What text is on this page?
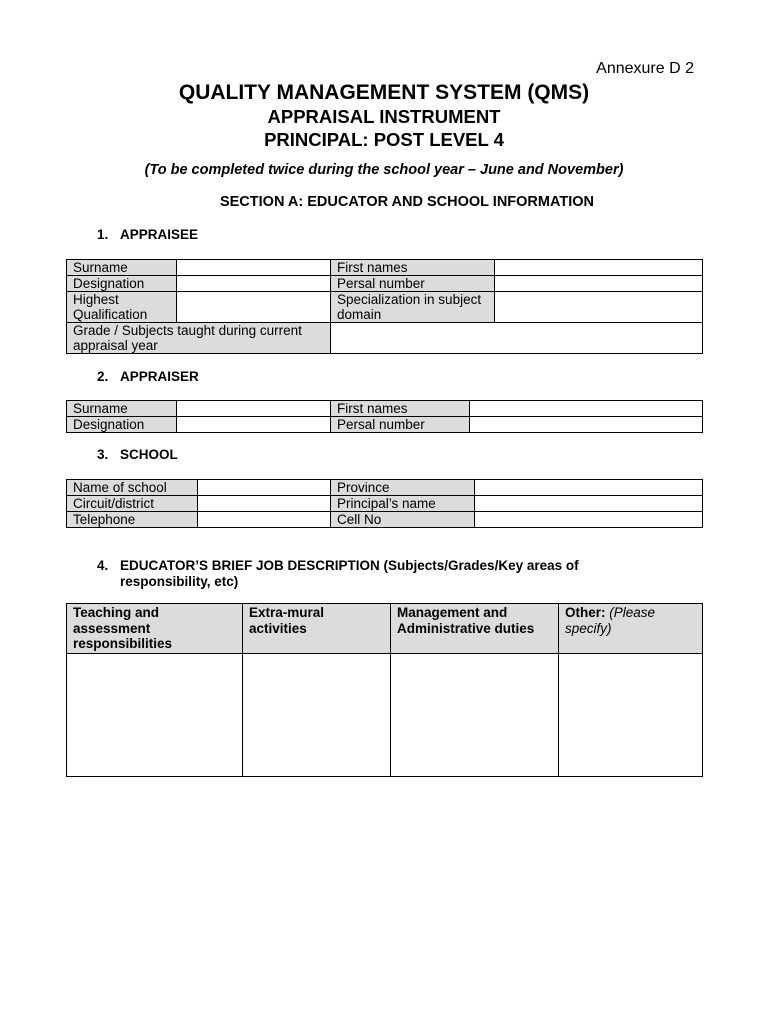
Annexure D 2
QUALITY MANAGEMENT SYSTEM (QMS)
APPRAISAL INSTRUMENT
PRINCIPAL: POST LEVEL 4
(To be completed twice during the school year – June and November)
SECTION A: EDUCATOR AND SCHOOL INFORMATION
1. APPRAISEE
Surname		First names	
Designation		Persal number	
Highest Qualification		Specialization in subject domain	
Grade / Subjects taught during current appraisal year			
2. APPRAISER
Surname		First names	
Designation		Persal number	
3. SCHOOL
Name of school		Province	
Circuit/district		Principal’s name	
Telephone		Cell No	
4. EDUCATOR’S BRIEF JOB DESCRIPTION (Subjects/Grades/Key areas of responsibility, etc)
Teaching and assessment responsibilities	Extra-mural activities	Management and Administrative duties	Other: (Please specify)
